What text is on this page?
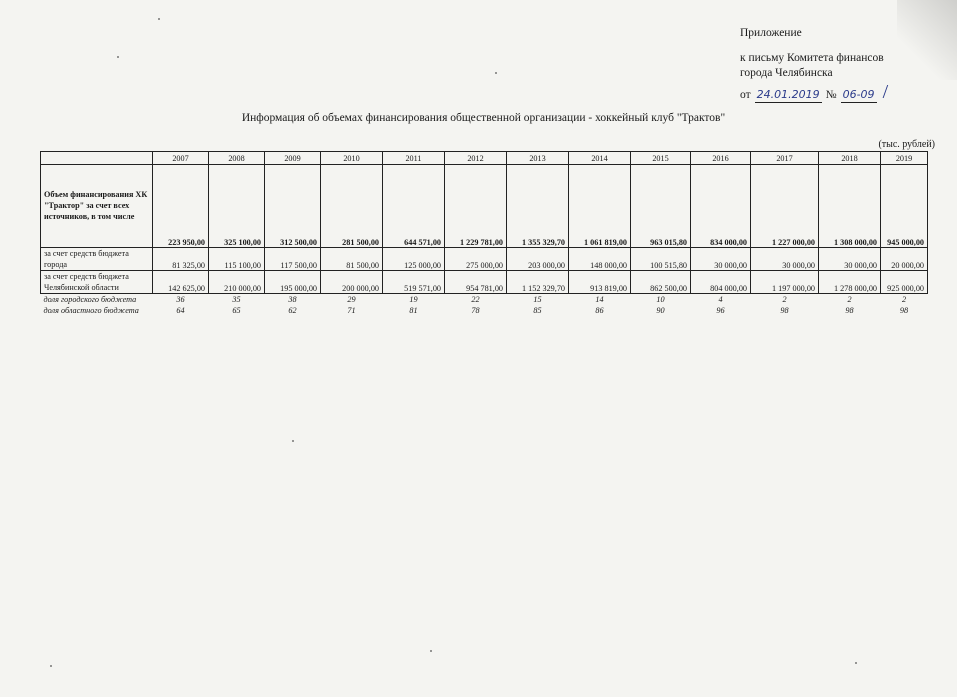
Приложение
к письму Комитета финансов
города Челябинска
от 24.01.2019 № 06-09 /
Информация об объемах финансирования общественной организации - хоккейный клуб "Трактов"
(тыс. рублей)
	2007	2008	2009	2010	2011	2012	2013	2014	2015	2016	2017	2018	2019
Объем финансирования ХК "Трактор" за счет всех источников, в том числе	223 950,00	325 100,00	312 500,00	281 500,00	644 571,00	1 229 781,00	1 355 329,70	1 061 819,00	963 015,80	834 000,00	1 227 000,00	1 308 000,00	945 000,00
за счет средств бюджета города	81 325,00	115 100,00	117 500,00	81 500,00	125 000,00	275 000,00	203 000,00	148 000,00	100 515,80	30 000,00	30 000,00	30 000,00	20 000,00
за счет средств бюджета Челябинской области	142 625,00	210 000,00	195 000,00	200 000,00	519 571,00	954 781,00	1 152 329,70	913 819,00	862 500,00	804 000,00	1 197 000,00	1 278 000,00	925 000,00
доля городского бюджета	36	35	38	29	19	22	15	14	10	4	2	2	2
доля областного бюджета	64	65	62	71	81	78	85	86	90	96	98	98	98
